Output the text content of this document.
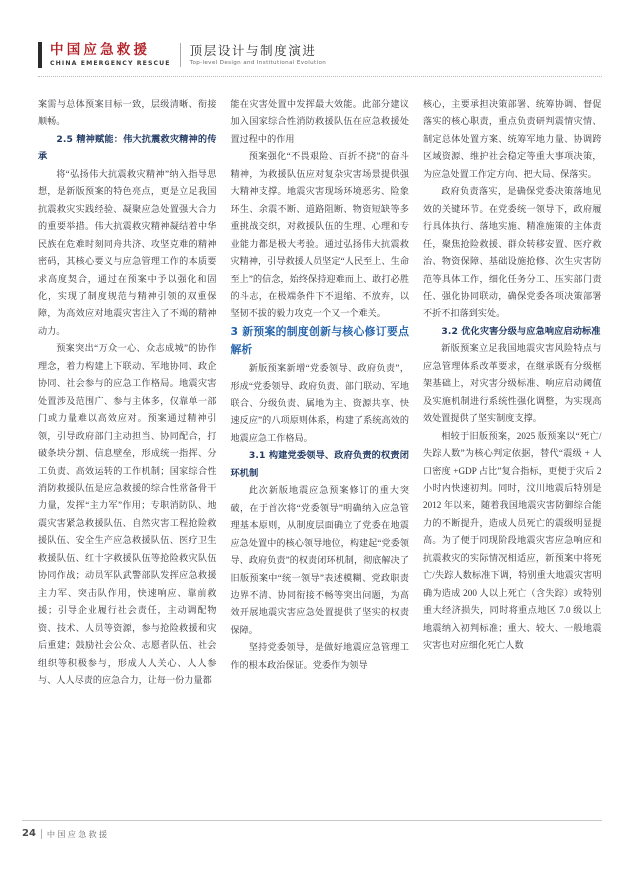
中国应急救援
CHINA EMERGENCY RESCUE
顶层设计与制度演进
Top-level Design and Institutional Evolution

案需与总体预案目标一致，层级清晰、衔接顺畅。

2.5 精神赋能：伟大抗震救灾精神的传承

将“弘扬伟大抗震救灾精神”纳入指导思想，是新版预案的特色亮点，更是立足我国抗震救灾实践经验、凝聚应急处置强大合力的重要举措。伟大抗震救灾精神凝结着中华民族在危难时刻同舟共济、攻坚克难的精神密码，其核心要义与应急管理工作的本质要求高度契合，通过在预案中予以强化和固化，实现了制度规范与精神引领的双重保障，为高效应对地震灾害注入了不竭的精神动力。

预案突出“万众一心、众志成城”的协作理念，着力构建上下联动、军地协同、政企协同、社会参与的应急工作格局。地震灾害处置涉及范围广、参与主体多，仅靠单一部门或力量难以高效应对。预案通过精神引领，引导政府部门主动担当、协同配合，打破条块分割、信息壁垒，形成统一指挥、分工负责、高效运转的工作机制；国家综合性消防救援队伍是应急救援的综合性常备骨干力量，发挥“主力军”作用；专职消防队、地震灾害紧急救援队伍、自然灾害工程抢险救援队伍、安全生产应急救援队伍、医疗卫生救援队伍、红十字救援队伍等抢险救灾队伍协同作战；动员军队武警部队发挥应急救援主力军、突击队作用，快速响应、靠前救援；引导企业履行社会责任，主动调配物资、技术、人员等资源，参与抢险救援和灾后重建；鼓励社会公众、志愿者队伍、社会组织等积极参与，形成人人关心、人人参与、人人尽责的应急合力，让每一份力量都

能在灾害处置中发挥最大效能。此部分建议加入国家综合性消防救援队伍在应急救援处置过程中的作用

预案强化“不畏艰险、百折不挠”的奋斗精神，为救援队伍应对复杂灾害场景提供强大精神支撑。地震灾害现场环境恶劣、险象环生、余震不断、道路阻断、物资短缺等多重挑战交织，对救援队伍的生理、心理和专业能力都是极大考验。通过弘扬伟大抗震救灾精神，引导救援人员坚定“人民至上、生命至上”的信念，始终保持迎难而上、敢打必胜的斗志，在极端条件下不退缩、不放弃，以坚韧不拔的毅力攻克一个又一个难关。

3 新预案的制度创新与核心修订要点解析

新版预案新增“党委领导、政府负责”，形成“党委领导、政府负责、部门联动、军地联合、分级负责、属地为主、资源共享、快速反应”的八项原则体系，构建了系统高效的地震应急工作格局。

3.1 构建党委领导、政府负责的权责闭环机制

此次新版地震应急预案修订的重大突破，在于首次将“党委领导”明确纳入应急管理基本原则，从制度层面确立了党委在地震应急处置中的核心领导地位，构建起“党委领导、政府负责”的权责闭环机制，彻底解决了旧版预案中“统一领导”表述模糊、党政职责边界不清、协同衔接不畅等突出问题，为高效开展地震灾害应急处置提供了坚实的权责保障。

坚持党委领导，是做好地震应急管理工作的根本政治保证。党委作为领导

核心，主要承担决策部署、统筹协调、督促落实的核心职责，重点负责研判震情灾情、制定总体处置方案、统筹军地力量、协调跨区域资源、维护社会稳定等重大事项决策，为应急处置工作定方向、把大局、保落实。

政府负责落实，是确保党委决策落地见效的关键环节。在党委统一领导下，政府履行具体执行、落地实施、精准施策的主体责任，聚焦抢险救援、群众转移安置、医疗救治、物资保障、基础设施抢修、次生灾害防范等具体工作，细化任务分工、压实部门责任、强化协同联动，确保党委各项决策部署不折不扣落到实处。

3.2 优化灾害分级与应急响应启动标准

新版预案立足我国地震灾害风险特点与应急管理体系改革要求，在继承既有分级框架基础上，对灾害分级标准、响应启动阈值及实施机制进行系统性强化调整，为实现高效处置提供了坚实制度支撑。

相较于旧版预案，2025 版预案以“死亡/失踪人数”为核心判定依据，替代“震级 + 人口密度 +GDP 占比”复合指标，更便于灾后 2 小时内快速初判。同时，汶川地震后特别是 2012 年以来，随着我国地震灾害防御综合能力的不断提升，造成人员死亡的震级明显提高。为了便于同现阶段地震灾害应急响应和抗震救灾的实际情况相适应，新预案中将死亡/失踪人数标准下调，特别重大地震灾害明确为造成 200 人以上死亡（含失踪）或特别重大经济损失，同时将重点地区 7.0 级以上地震纳入初判标准；重大、较大、一般地震灾害也对应细化死亡人数

24 中国应急救援
